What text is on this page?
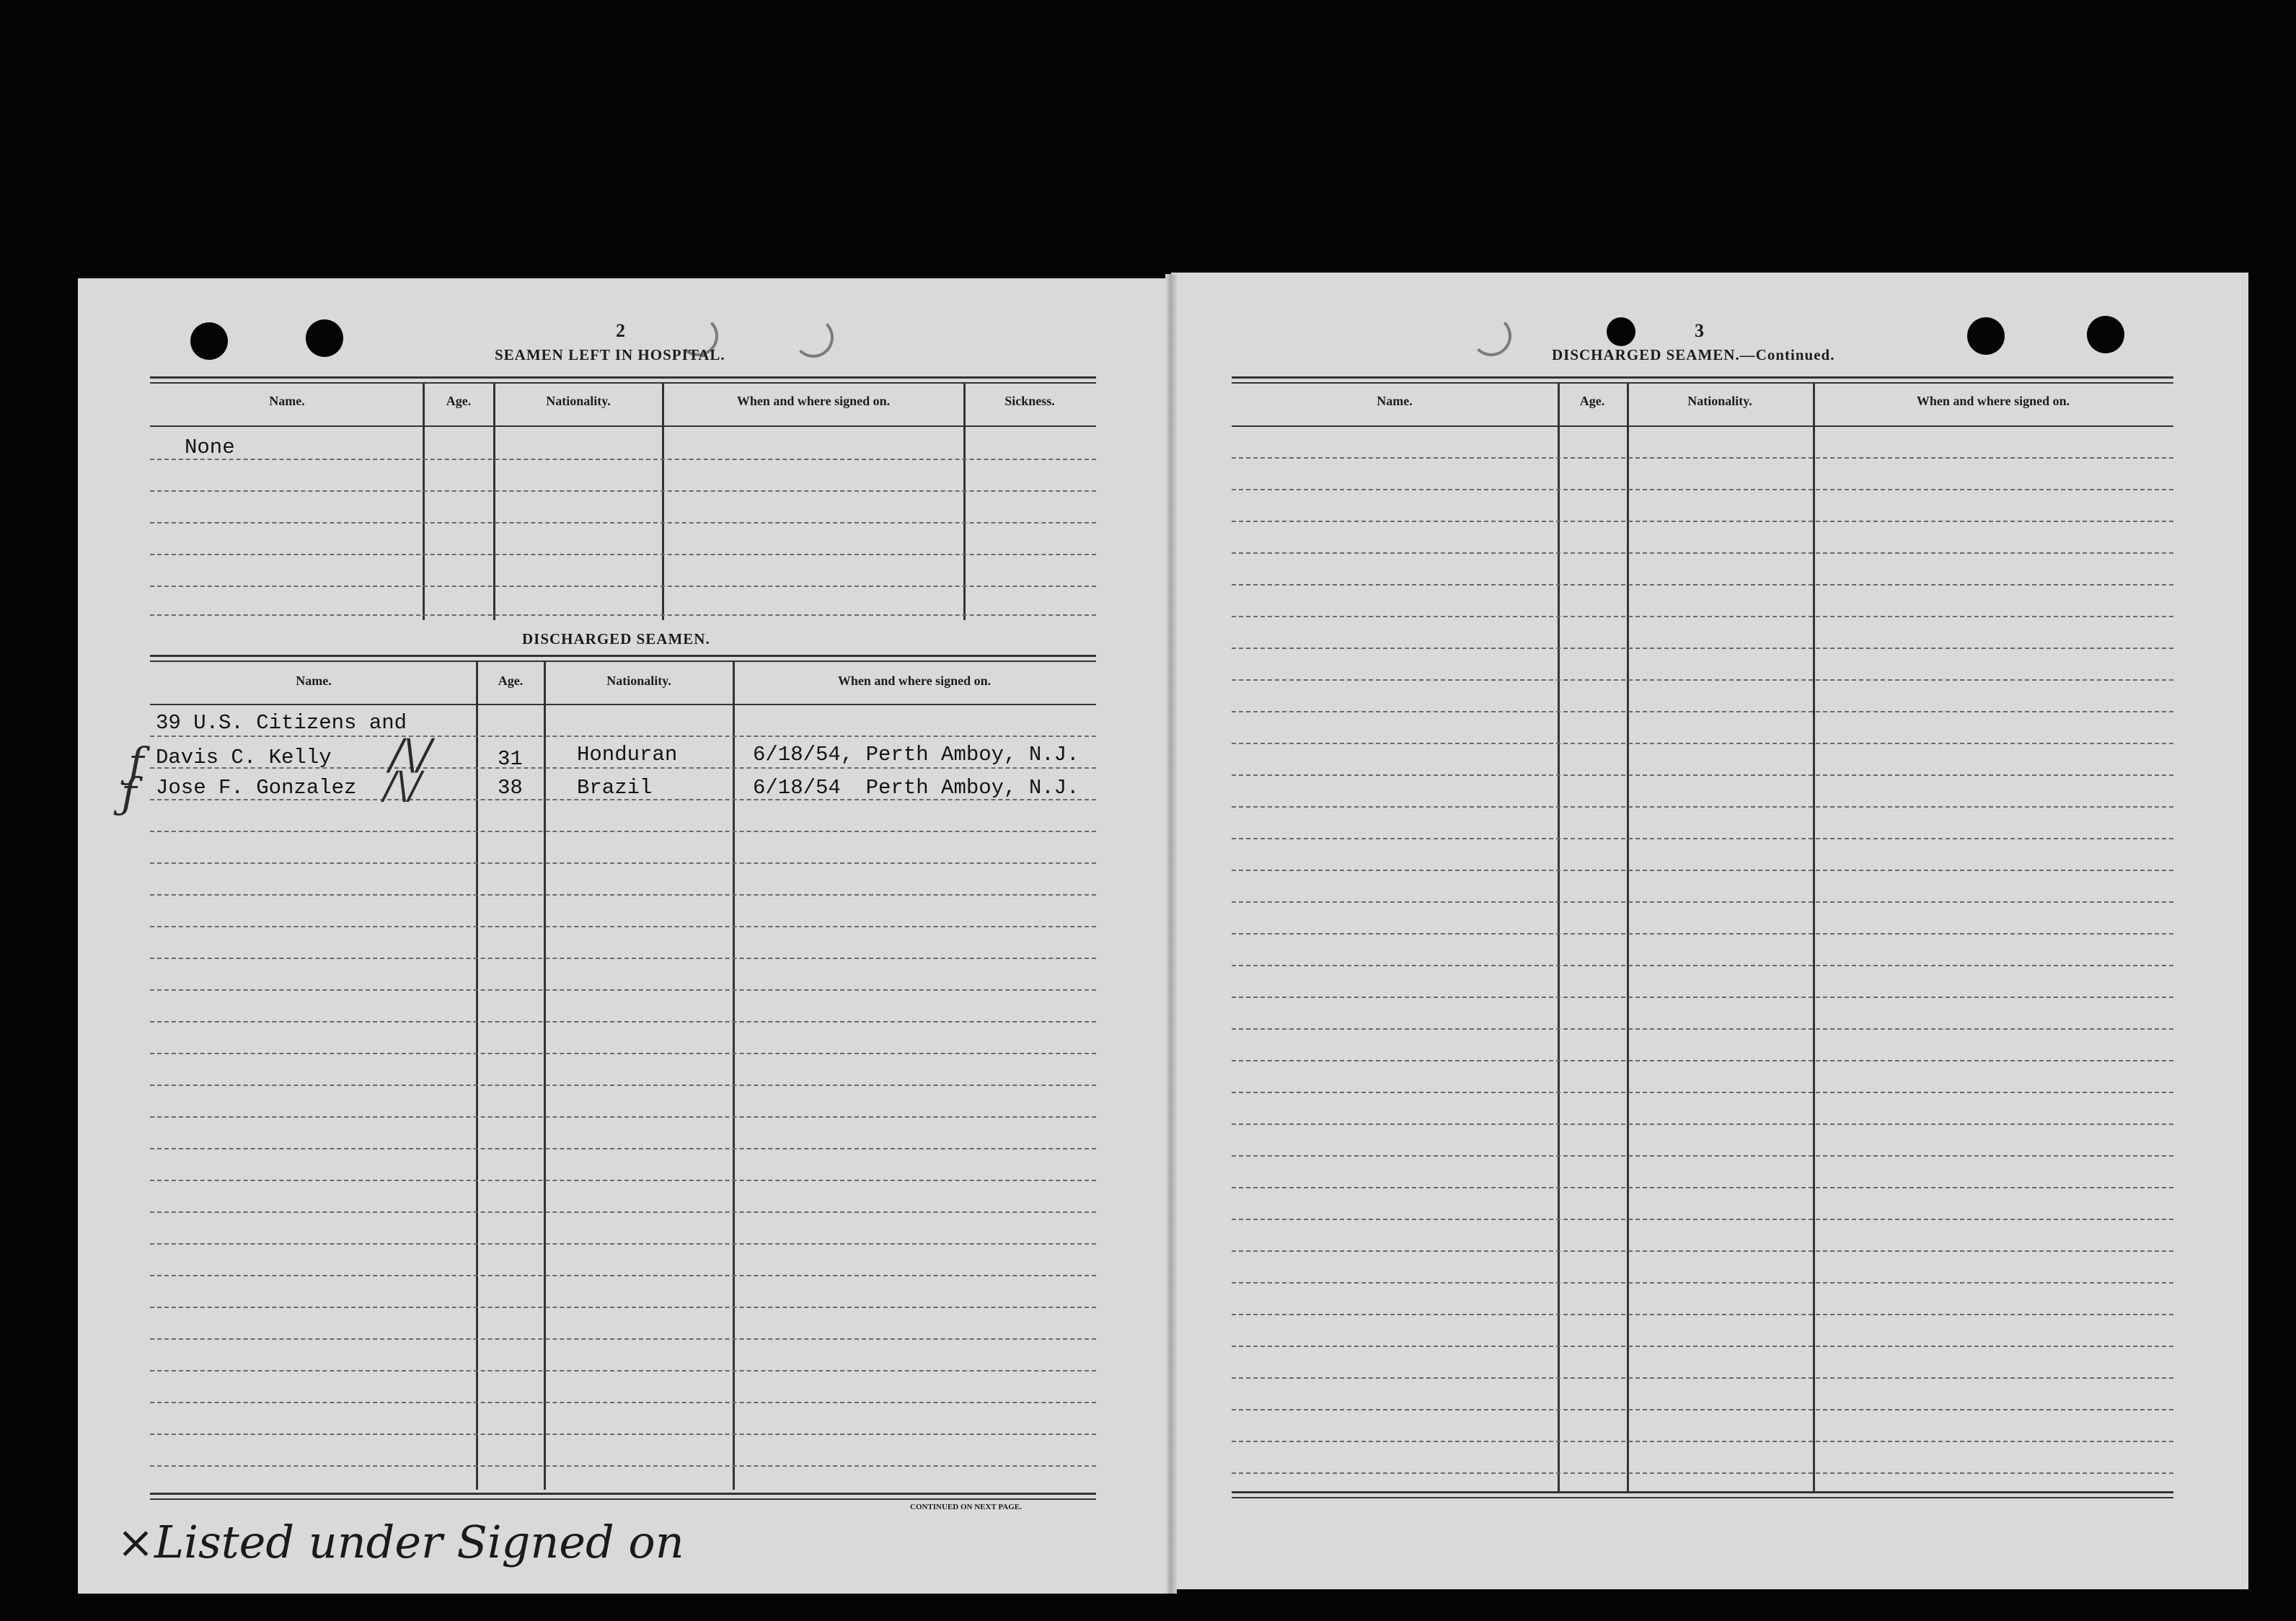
2
SEAMEN LEFT IN HOSPITAL.
Name.	Age.	Nationality.	When and where signed on.	Sickness.
None
DISCHARGED SEAMEN.
Name.	Age.	Nationality.	When and where signed on.
39 U.S. Citizens and
Davis C. Kelly	31	Honduran	6/18/54, Perth Amboy, N.J.
Jose F. Gonzalez	38	Brazil	6/18/54  Perth Amboy, N.J.
ƒ
ƒ
/\/
/\/
CONTINUED ON NEXT PAGE.
×Listed under Signed on
3
DISCHARGED SEAMEN.—Continued.
Name.	Age.	Nationality.	When and where signed on.
